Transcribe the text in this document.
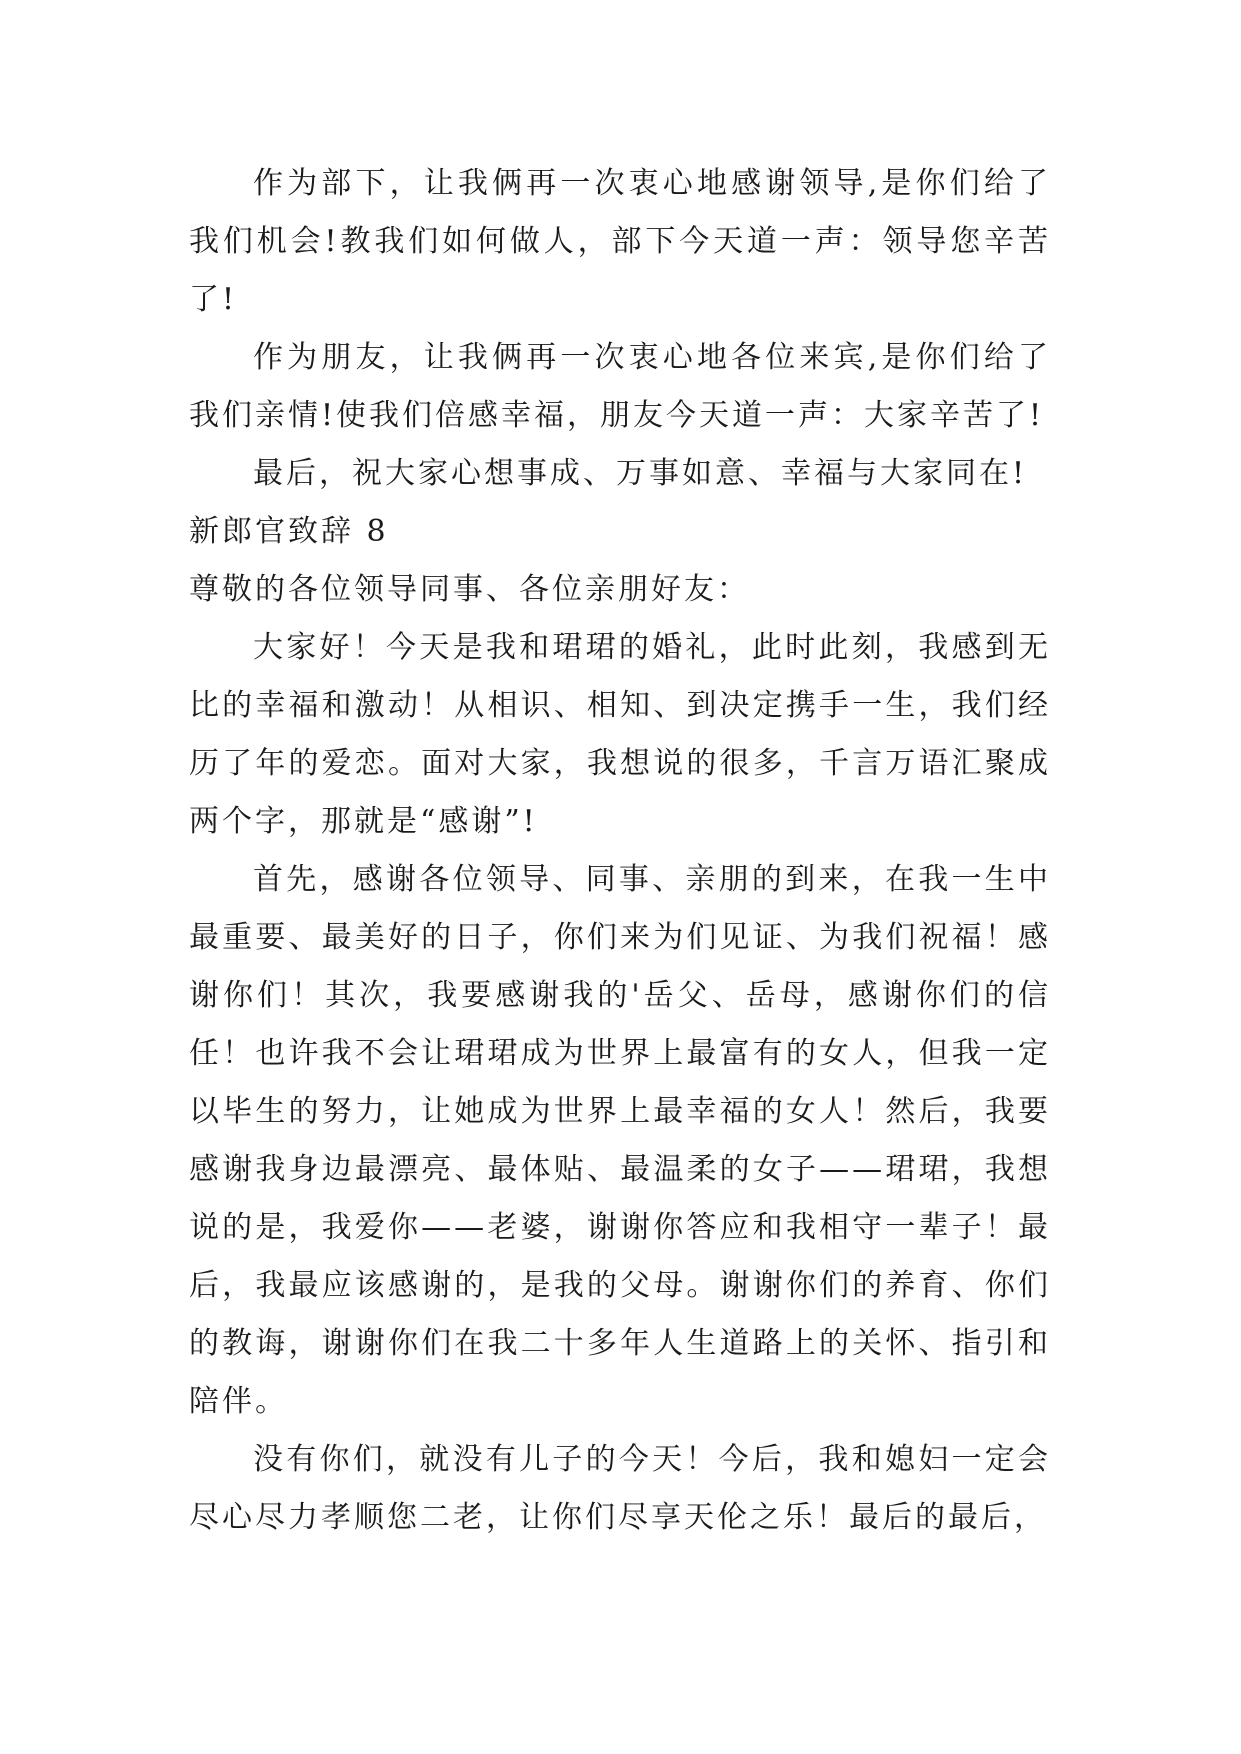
作为部下，让我俩再一次衷心地感谢领导,是你们给了我们机会!教我们如何做人，部下今天道一声：领导您辛苦了!

作为朋友，让我俩再一次衷心地各位来宾,是你们给了我们亲情!使我们倍感幸福，朋友今天道一声：大家辛苦了!

最后，祝大家心想事成、万事如意、幸福与大家同在!

新郎官致辞 8

尊敬的各位领导同事、各位亲朋好友：

大家好！今天是我和珺珺的婚礼，此时此刻，我感到无比的幸福和激动！从相识、相知、到决定携手一生，我们经历了年的爱恋。面对大家，我想说的很多，千言万语汇聚成两个字，那就是“感谢”!

首先，感谢各位领导、同事、亲朋的到来，在我一生中最重要、最美好的日子，你们来为们见证、为我们祝福！感谢你们！其次，我要感谢我的'岳父、岳母，感谢你们的信任！也许我不会让珺珺成为世界上最富有的女人，但我一定以毕生的努力，让她成为世界上最幸福的女人！然后，我要感谢我身边最漂亮、最体贴、最温柔的女子——珺珺，我想说的是，我爱你——老婆，谢谢你答应和我相守一辈子！最后，我最应该感谢的，是我的父母。谢谢你们的养育、你们的教诲，谢谢你们在我二十多年人生道路上的关怀、指引和陪伴。

没有你们，就没有儿子的今天！今后，我和媳妇一定会尽心尽力孝顺您二老，让你们尽享天伦之乐！最后的最后，
